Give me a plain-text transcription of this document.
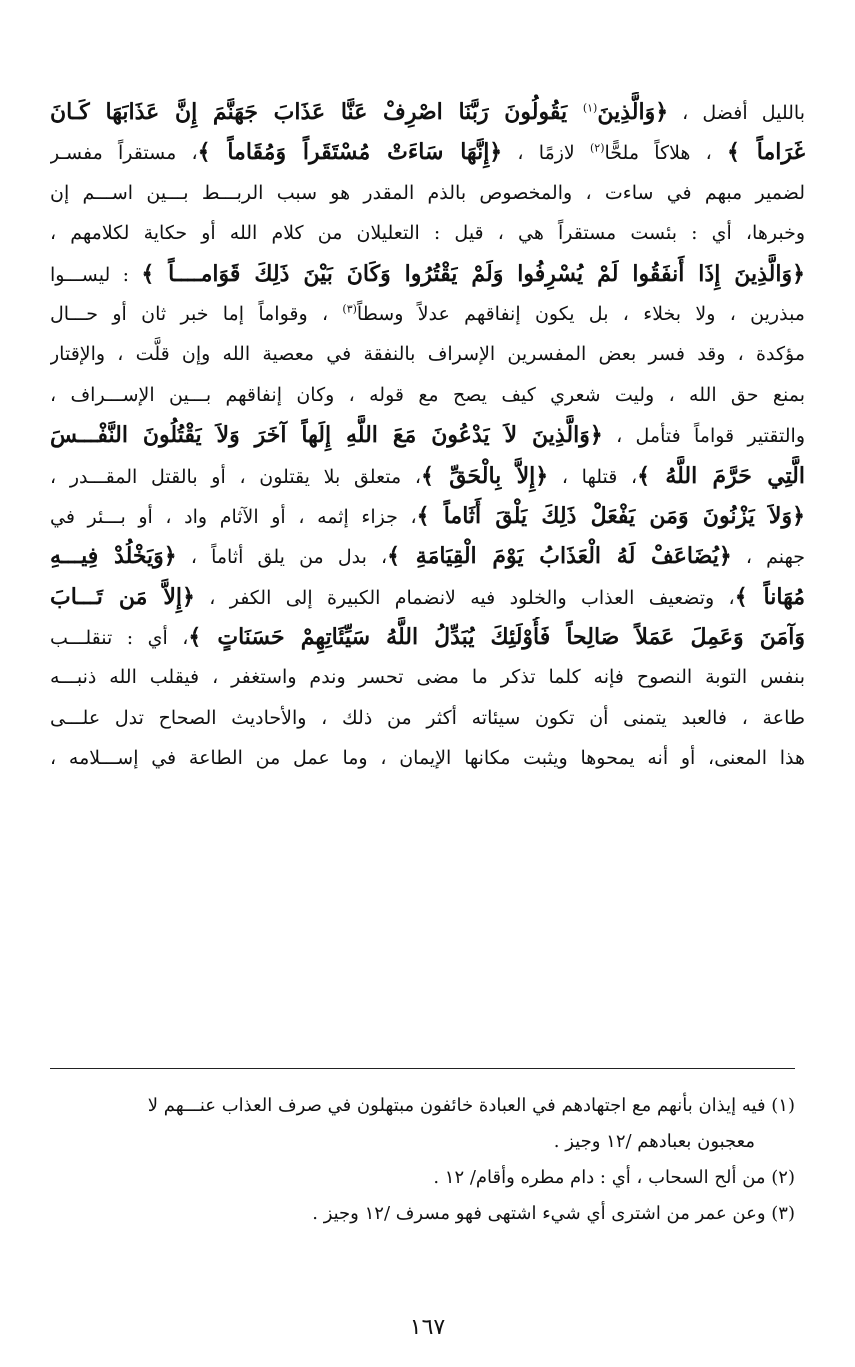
بالليل أفضل ، ﴿وَالَّذِينَ$^{(١)}$ يَقُولُونَ رَبَّنَا اصْرِفْ عَنَّا عَذَابَ جَهَنَّمَ إِنَّ عَذَابَهَا كَـانَ
غَرَاماً ﴾ ، هلاكاً ملحًّا$^{(٢)}$ لازمًا ، ﴿إِنَّهَا سَاءَتْ مُسْتَقَراً وَمُقَاماً ﴾، مستقراً مفسـر
لضمير مبهم في ساءت ، والمخصوص بالذم المقدر هو سبب الربـــط بـــين اســـم إن
وخبرها، أي : بئست مستقراً هي ، قيل : التعليلان من كلام الله أو حكاية لكلامهم ،
﴿وَالَّذِينَ إِذَا أَنفَقُوا لَمْ يُسْرِفُوا وَلَمْ يَقْتُرُوا وَكَانَ بَيْنَ ذَلِكَ قَوَامــــاً ﴾ : ليســـوا
مبذرين ، ولا بخلاء ، بل يكون إنفاقهم عدلاً وسطاً$^{(٣)}$ ، وقواماً إما خبر ثان أو حـــال
مؤكدة ، وقد فسر بعض المفسرين الإسراف بالنفقة في معصية الله وإن قلَّت ، والإقتار
بمنع حق الله ، وليت شعري كيف يصح مع قوله ، وكان إنفاقهم بـــين الإســـراف ،
والتقتير قواماً فتأمل ، ﴿وَالَّذِينَ لاَ يَدْعُونَ مَعَ اللَّهِ إِلَهاً آخَرَ وَلاَ يَقْتُلُونَ النَّفْـــسَ
الَّتِي حَرَّمَ اللَّهُ ﴾، قتلها ، ﴿إِلاَّ بِالْحَقِّ ﴾، متعلق بلا يقتلون ، أو بالقتل المقـــدر ،
﴿وَلاَ يَزْنُونَ وَمَن يَفْعَلْ ذَلِكَ يَلْقَ أَثَاماً ﴾، جزاء إثمه ، أو الآثام واد ، أو بـــئر في
جهنم ، ﴿يُضَاعَفْ لَهُ الْعَذَابُ يَوْمَ الْقِيَامَةِ ﴾، بدل من يلق أثاماً ، ﴿وَيَخْلُدْ فِيـــهِ
مُهَاناً ﴾، وتضعيف العذاب والخلود فيه لانضمام الكبيرة إلى الكفر ، ﴿إِلاَّ مَن تَـــابَ
وَآمَنَ وَعَمِلَ عَمَلاً صَالِحاً فَأُوْلَئِكَ يُبَدِّلُ اللَّهُ سَيِّئَاتِهِمْ حَسَنَاتٍ ﴾، أي : تنقلـــب
بنفس التوبة النصوح فإنه كلما تذكر ما مضى تحسر وندم واستغفر ، فيقلب الله ذنبـــه
طاعة ، فالعبد يتمنى أن تكون سيئاته أكثر من ذلك ، والأحاديث الصحاح تدل علـــى
هذا المعنى، أو أنه يمحوها ويثبت مكانها الإيمان ، وما عمل من الطاعة في إســـلامه ،
(١) فيه إيذان بأنهم مع اجتهادهم في العبادة خائفون مبتهلون في صرف العذاب عنـــهم لا
معجبون بعبادهم /١٢ وجيز .
(٢) من ألح السحاب ، أي : دام مطره وأقام/ ١٢ .
(٣) وعن عمر من اشترى أي شيء اشتهى فهو مسرف /١٢ وجيز .
١٦٧
